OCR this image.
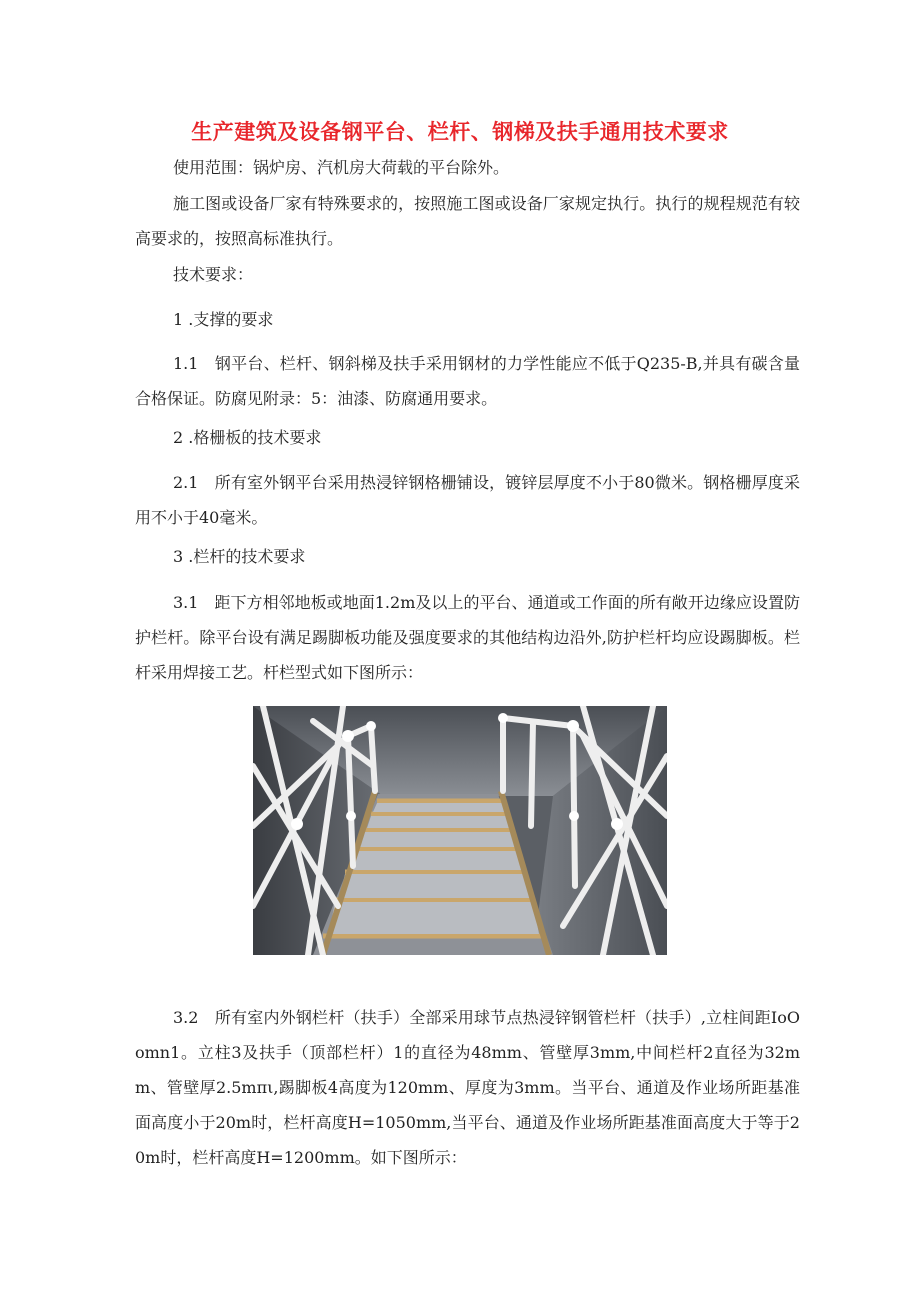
生产建筑及设备钢平台、栏杆、钢梯及扶手通用技术要求

使用范围：锅炉房、汽机房大荷载的平台除外。

施工图或设备厂家有特殊要求的，按照施工图或设备厂家规定执行。执行的规程规范有较高要求的，按照高标准执行。

技术要求：

1 .支撑的要求

1.1　钢平台、栏杆、钢斜梯及扶手采用钢材的力学性能应不低于Q235-B,并具有碳含量合格保证。防腐见附录：5：油漆、防腐通用要求。

2 .格栅板的技术要求

2.1　所有室外钢平台采用热浸锌钢格栅铺设，镀锌层厚度不小于80微米。钢格栅厚度采用不小于40毫米。

3 .栏杆的技术要求

3.1　距下方相邻地板或地面1.2m及以上的平台、通道或工作面的所有敞开边缘应设置防护栏杆。除平台设有满足踢脚板功能及强度要求的其他结构边沿外,防护栏杆均应设踢脚板。栏杆采用焊接工艺。杆栏型式如下图所示：

3.2　所有室内外钢栏杆（扶手）全部采用球节点热浸锌钢管栏杆（扶手）,立柱间距IoOomn1。立柱3及扶手（顶部栏杆）1的直径为48mm、管壁厚3mm,中间栏杆2直径为32mm、管壁厚2.5mπι,踢脚板4高度为120mm、厚度为3mm。当平台、通道及作业场所距基准面高度小于20m时，栏杆高度H=1050mm,当平台、通道及作业场所距基准面高度大于等于20m时，栏杆高度H=1200mm。如下图所示：
